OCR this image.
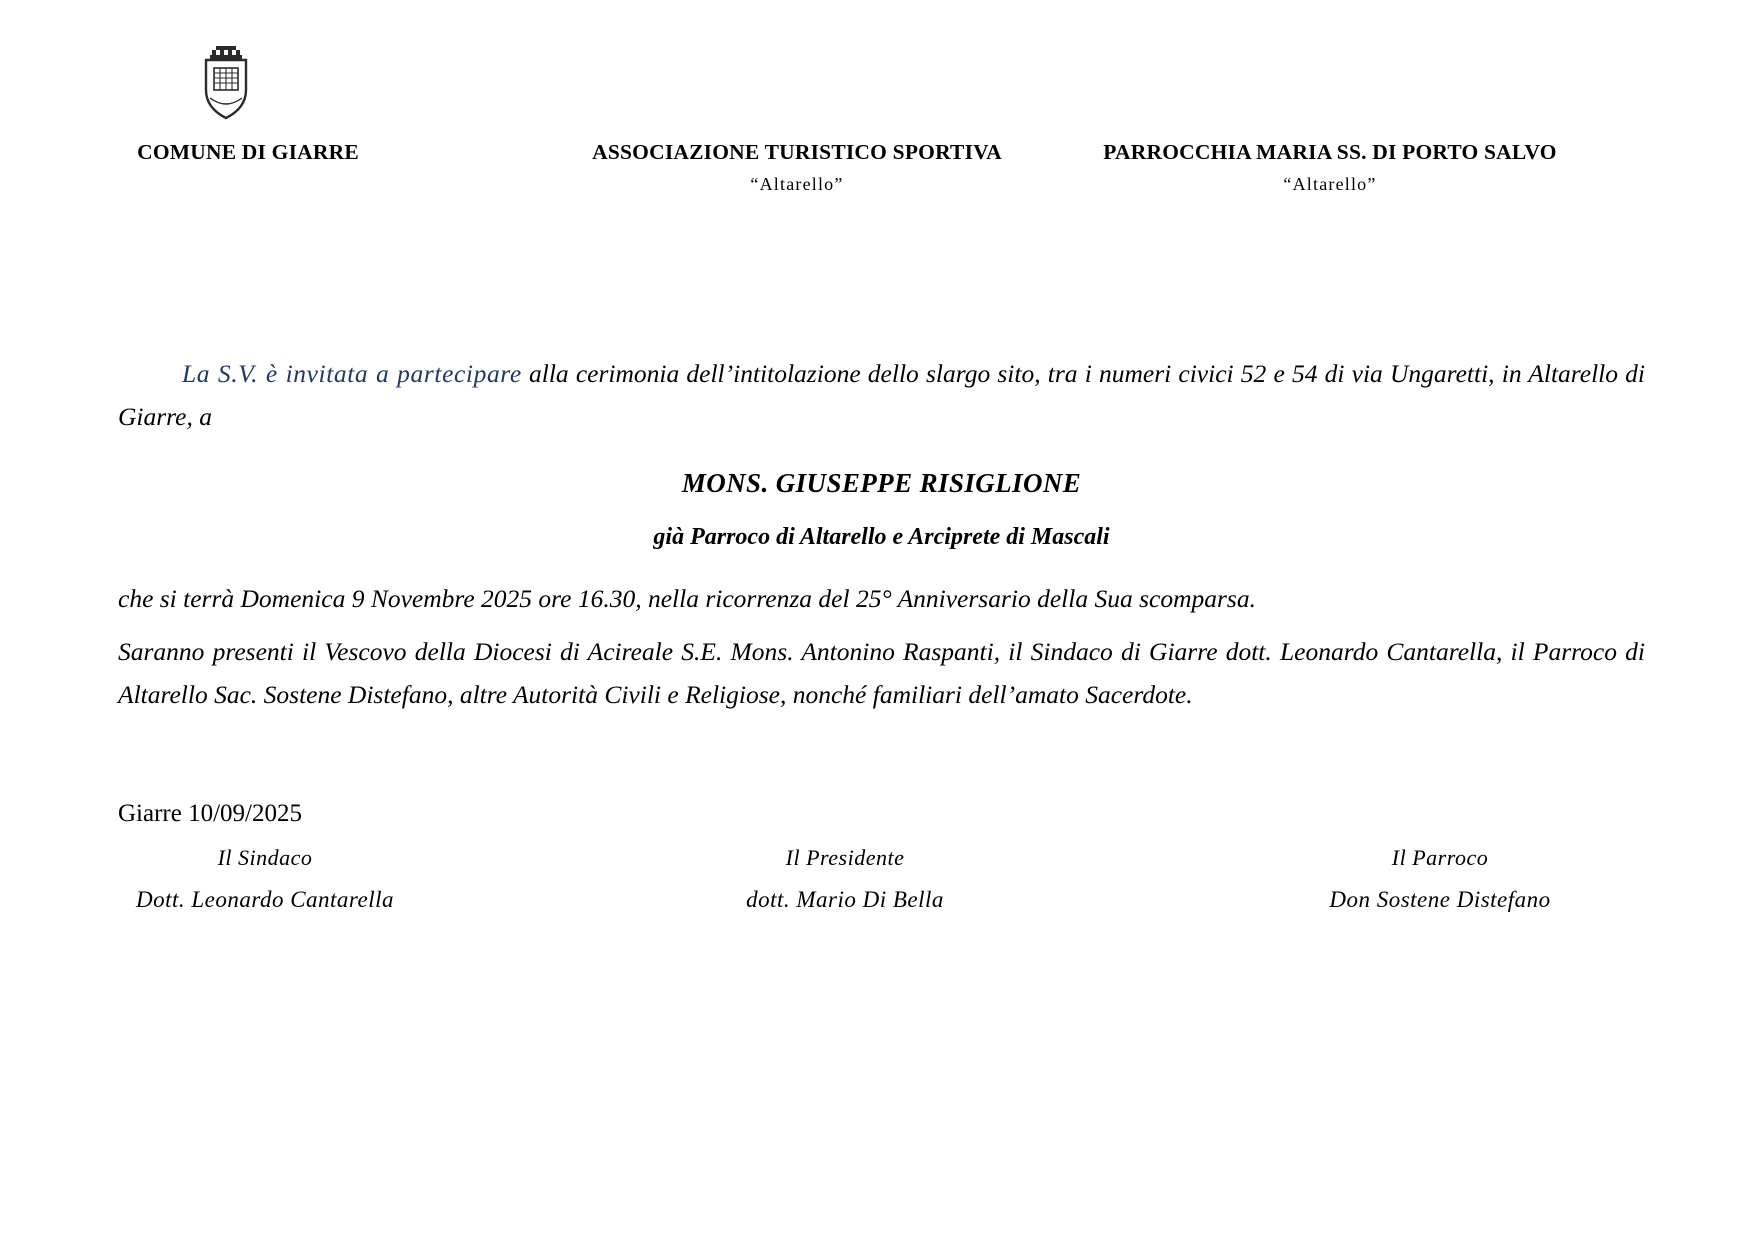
COMUNE DI GIARRE	ASSOCIAZIONE TURISTICO SPORTIVA
“Altarello”
PARROCCHIA MARIA SS. DI PORTO SALVO
“Altarello”
La S.V. è invitata a partecipare alla cerimonia dell’intitolazione dello slargo sito, tra i numeri civici 52 e 54 di via Ungaretti, in Altarello di Giarre, a
MONS. GIUSEPPE RISIGLIONE
già Parroco di Altarello e Arciprete di Mascali
che si terrà Domenica 9 Novembre 2025 ore 16.30, nella ricorrenza del 25° Anniversario della Sua scomparsa.
Saranno presenti il Vescovo della Diocesi di Acireale S.E. Mons. Antonino Raspanti, il Sindaco di Giarre dott. Leonardo Cantarella, il Parroco di Altarello Sac. Sostene Distefano, altre Autorità Civili e Religiose, nonché familiari dell’amato Sacerdote.
Giarre 10/09/2025
Il Sindaco
Dott. Leonardo Cantarella
Il Presidente
dott. Mario Di Bella
Il Parroco
Don Sostene Distefano
